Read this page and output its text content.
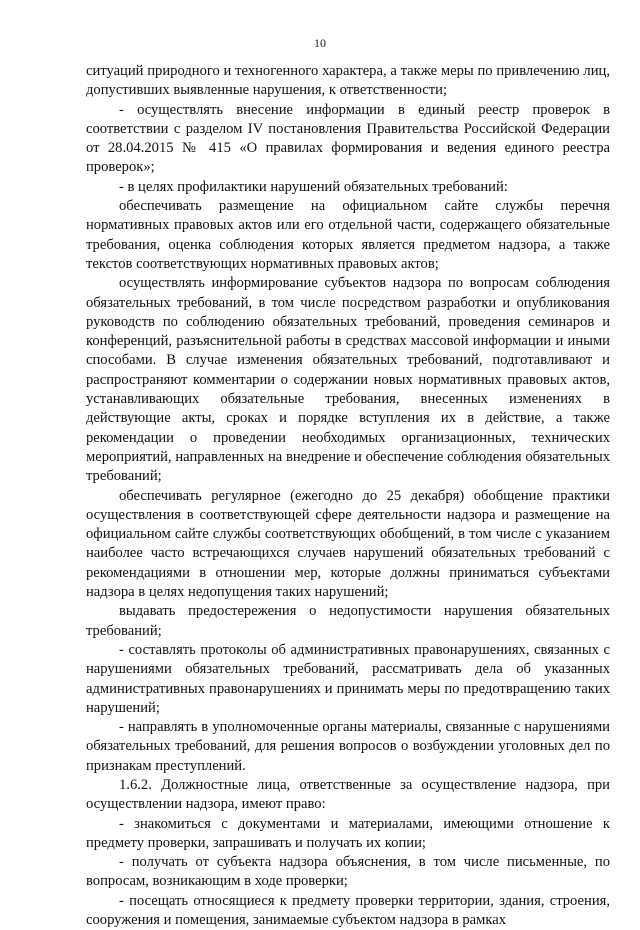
10

ситуаций природного и техногенного характера, а также меры по привлечению лиц, допустивших выявленные нарушения, к ответственности;

- осуществлять внесение информации в единый реестр проверок в соответствии с разделом IV постановления Правительства Российской Федерации от 28.04.2015 № 415 «О правилах формирования и ведения единого реестра проверок»;

- в целях профилактики нарушений обязательных требований:

обеспечивать размещение на официальном сайте службы перечня нормативных правовых актов или его отдельной части, содержащего обязательные требования, оценка соблюдения которых является предметом надзора, а также текстов соответствующих нормативных правовых актов;

осуществлять информирование субъектов надзора по вопросам соблюдения обязательных требований, в том числе посредством разработки и опубликования руководств по соблюдению обязательных требований, проведения семинаров и конференций, разъяснительной работы в средствах массовой информации и иными способами. В случае изменения обязательных требований, подготавливают и распространяют комментарии о содержании новых нормативных правовых актов, устанавливающих обязательные требования, внесенных изменениях в действующие акты, сроках и порядке вступления их в действие, а также рекомендации о проведении необходимых организационных, технических мероприятий, направленных на внедрение и обеспечение соблюдения обязательных требований;

обеспечивать регулярное (ежегодно до 25 декабря) обобщение практики осуществления в соответствующей сфере деятельности надзора и размещение на официальном сайте службы соответствующих обобщений, в том числе с указанием наиболее часто встречающихся случаев нарушений обязательных требований с рекомендациями в отношении мер, которые должны приниматься субъектами надзора в целях недопущения таких нарушений;

выдавать предостережения о недопустимости нарушения обязательных требований;

- составлять протоколы об административных правонарушениях, связанных с нарушениями обязательных требований, рассматривать дела об указанных административных правонарушениях и принимать меры по предотвращению таких нарушений;

- направлять в уполномоченные органы материалы, связанные с нарушениями обязательных требований, для решения вопросов о возбуждении уголовных дел по признакам преступлений.

1.6.2. Должностные лица, ответственные за осуществление надзора, при осуществлении надзора, имеют право:

- знакомиться с документами и материалами, имеющими отношение к предмету проверки, запрашивать и получать их копии;

- получать от субъекта надзора объяснения, в том числе письменные, по вопросам, возникающим в ходе проверки;

- посещать относящиеся к предмету проверки территории, здания, строения, сооружения и помещения, занимаемые субъектом надзора в рамках
